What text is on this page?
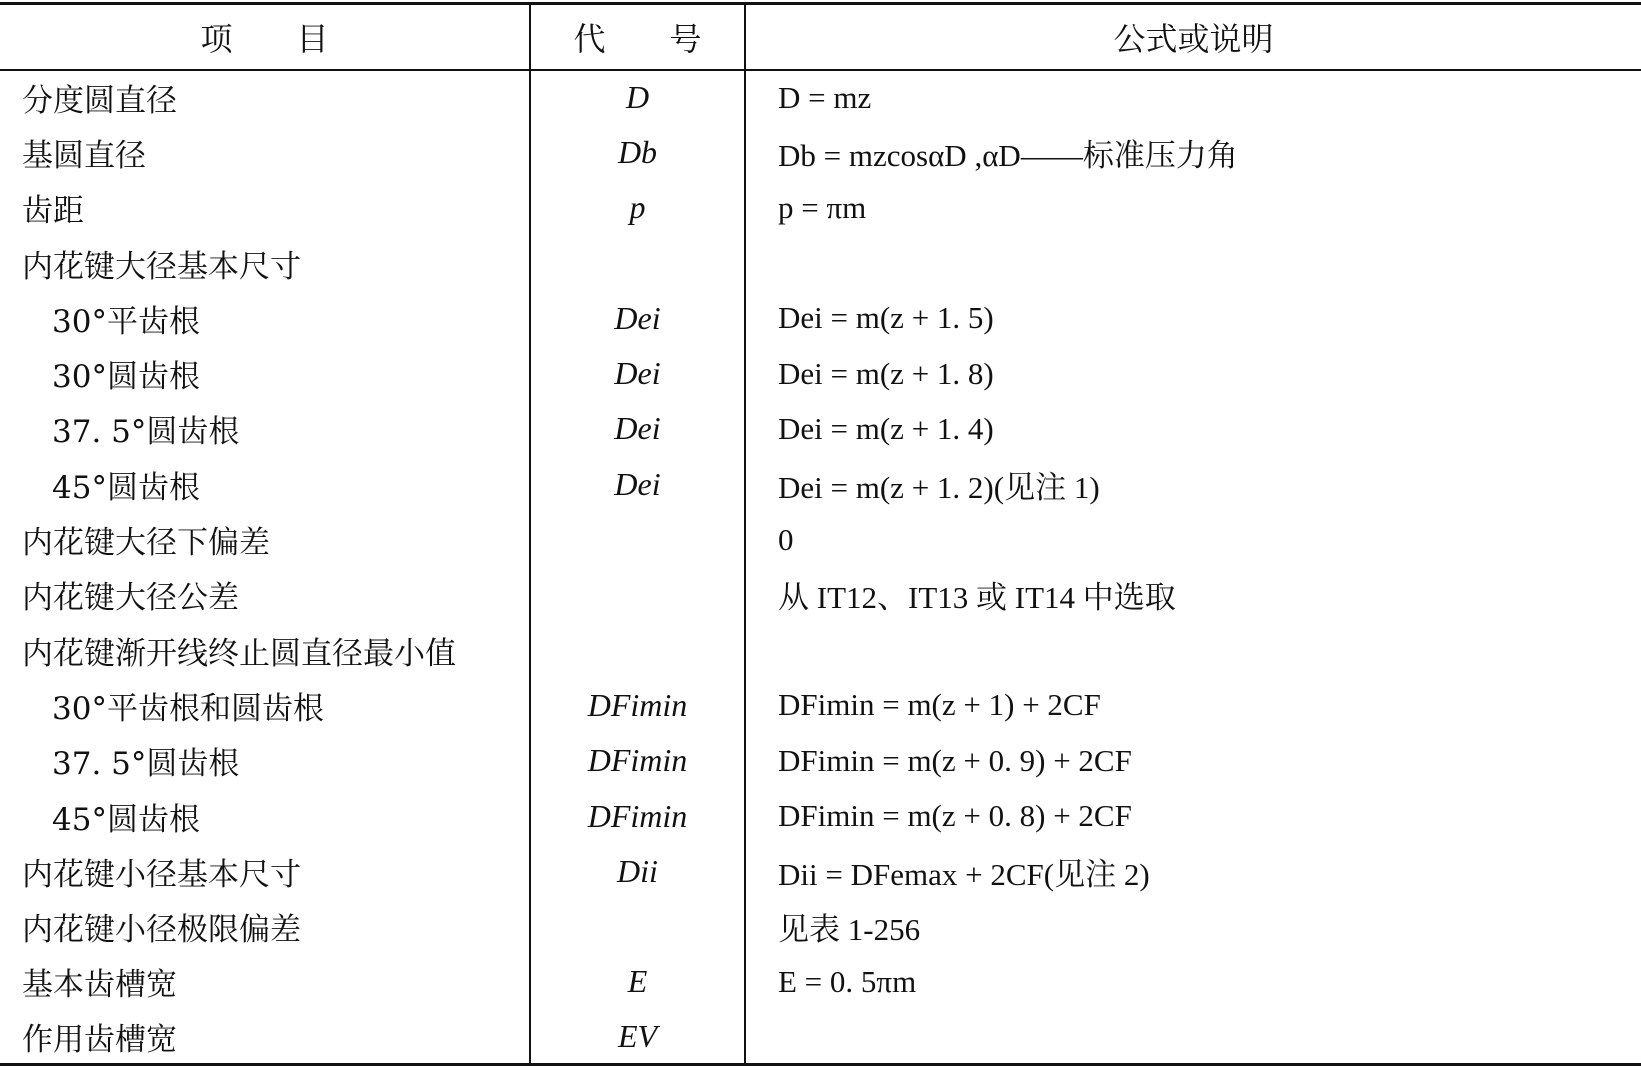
项　　目	代　　号	公式或说明
分度圆直径	D	D = mz
基圆直径	Db	Db = mzcosαD ,αD——标准压力角
齿距	p	p = πm
内花键大径基本尺寸		
30°平齿根	Dei	Dei = m(z + 1. 5)
30°圆齿根	Dei	Dei = m(z + 1. 8)
37. 5°圆齿根	Dei	Dei = m(z + 1. 4)
45°圆齿根	Dei	Dei = m(z + 1. 2)(见注 1)
内花键大径下偏差		0
内花键大径公差		从 IT12、IT13 或 IT14 中选取
内花键渐开线终止圆直径最小值		
30°平齿根和圆齿根	DFimin	DFimin = m(z + 1) + 2CF
37. 5°圆齿根	DFimin	DFimin = m(z + 0. 9) + 2CF
45°圆齿根	DFimin	DFimin = m(z + 0. 8) + 2CF
内花键小径基本尺寸	Dii	Dii = DFemax + 2CF(见注 2)
内花键小径极限偏差		见表 1-256
基本齿槽宽	E	E = 0. 5πm
作用齿槽宽	EV	
